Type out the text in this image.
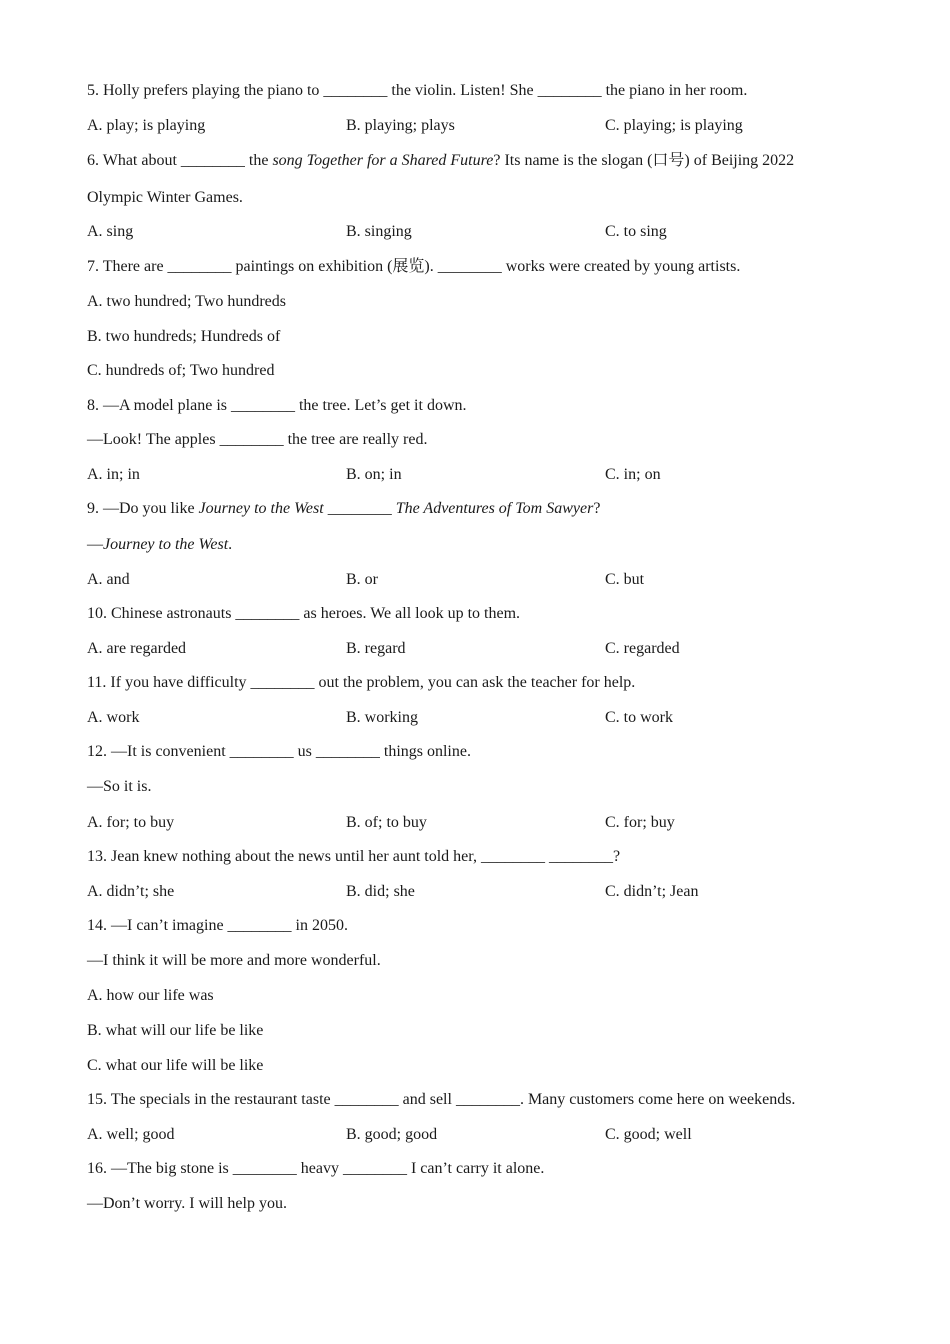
5. Holly prefers playing the piano to ________ the violin. Listen! She ________ the piano in her room.
A. play; is playing	B. playing; plays	C. playing; is playing
6. What about ________ the song Together for a Shared Future? Its name is the slogan (口号) of Beijing 2022
Olympic Winter Games.
A. sing	B. singing	C. to sing
7. There are ________ paintings on exhibition (展览). ________ works were created by young artists.
A. two hundred; Two hundreds
B. two hundreds; Hundreds of
C. hundreds of; Two hundred
8. —A model plane is ________ the tree. Let’s get it down.
—Look! The apples ________ the tree are really red.
A. in; in	B. on; in	C. in; on
9. —Do you like Journey to the West ________ The Adventures of Tom Sawyer?
—Journey to the West.
A. and	B. or	C. but
10. Chinese astronauts ________ as heroes. We all look up to them.
A. are regarded	B. regard	C. regarded
11. If you have difficulty ________ out the problem, you can ask the teacher for help.
A. work	B. working	C. to work
12. —It is convenient ________ us ________ things online.
—So it is.
A. for; to buy	B. of; to buy	C. for; buy
13. Jean knew nothing about the news until her aunt told her, ________ ________?
A. didn’t; she	B. did; she	C. didn’t; Jean
14. —I can’t imagine ________ in 2050.
—I think it will be more and more wonderful.
A. how our life was
B. what will our life be like
C. what our life will be like
15. The specials in the restaurant taste ________ and sell ________. Many customers come here on weekends.
A. well; good	B. good; good	C. good; well
16. —The big stone is ________ heavy ________ I can’t carry it alone.
—Don’t worry. I will help you.
